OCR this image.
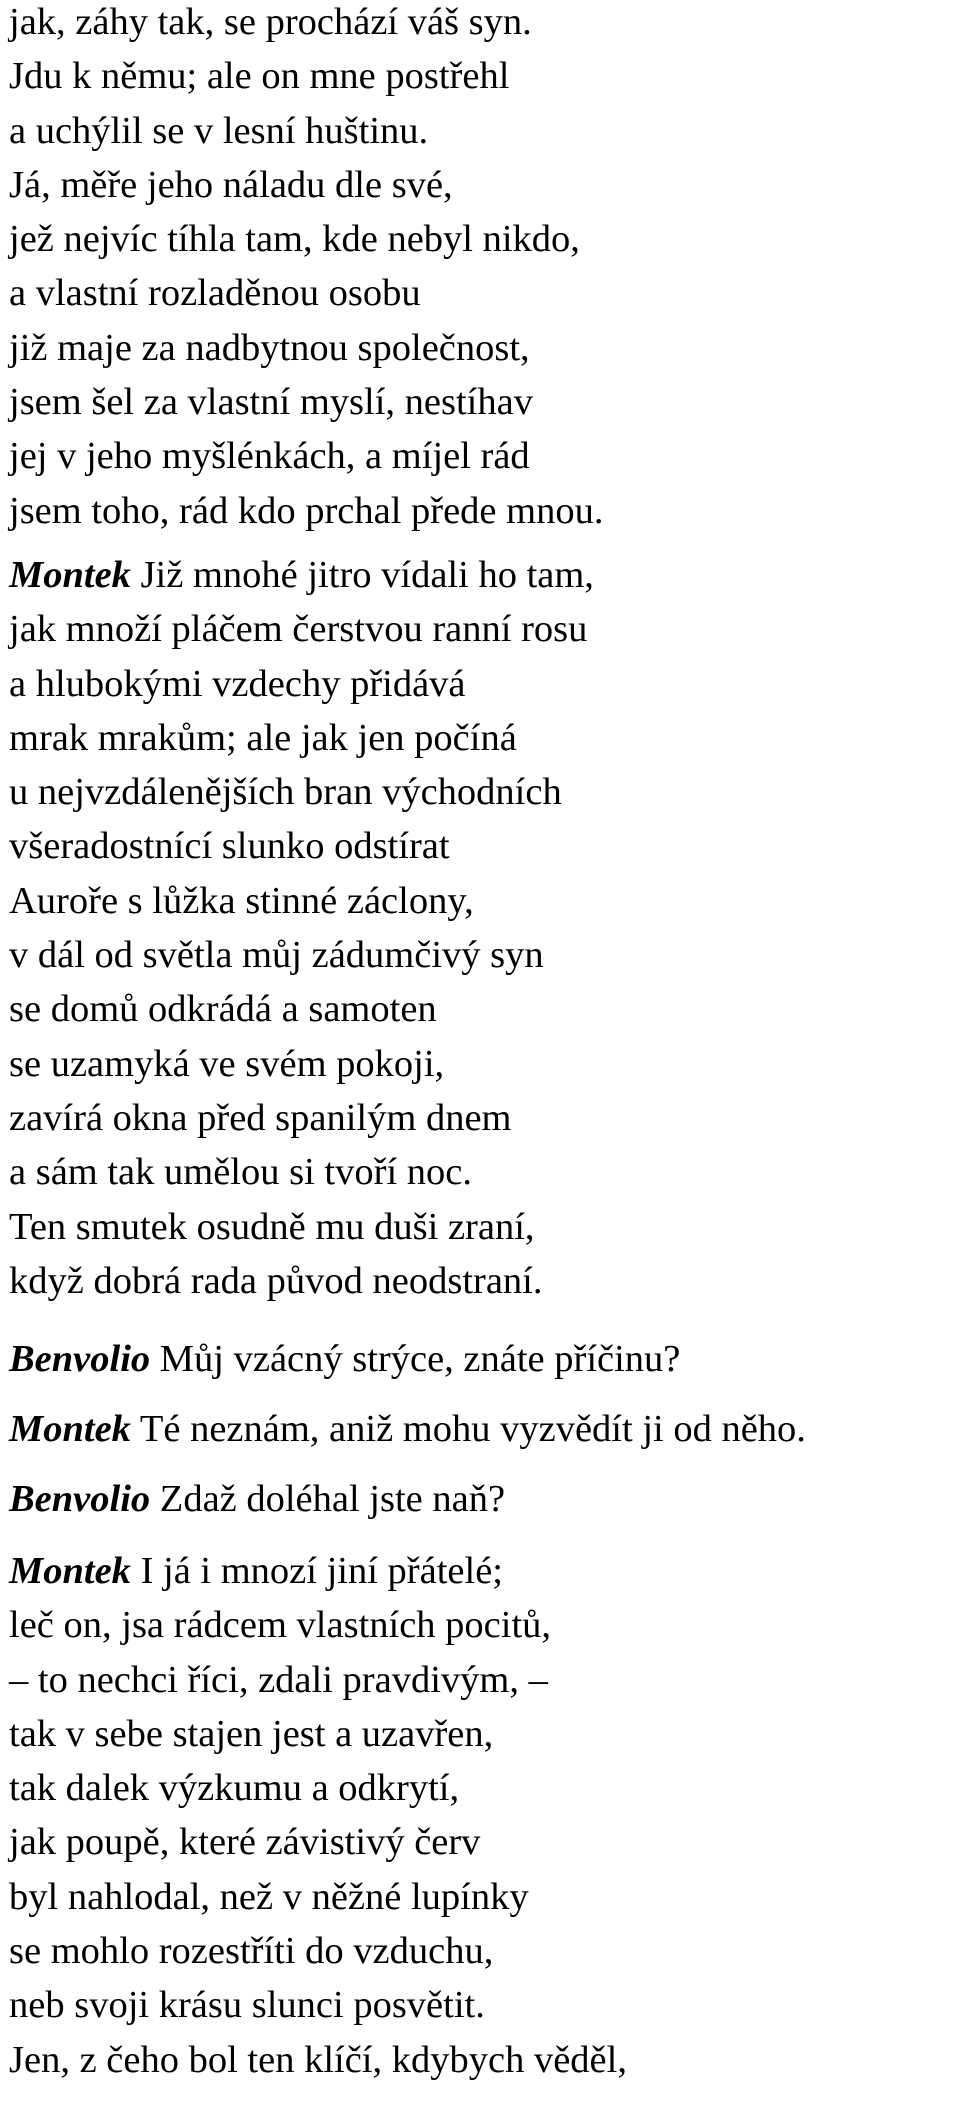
jak, záhy tak, se prochází váš syn.
Jdu k němu; ale on mne postřehl
a uchýlil se v lesní huštinu.
Já, měře jeho náladu dle své,
jež nejvíc tíhla tam, kde nebyl nikdo,
a vlastní rozladěnou osobu
již maje za nadbytnou společnost,
jsem šel za vlastní myslí, nestíhav
jej v jeho myšlénkách, a míjel rád
jsem toho, rád kdo prchal přede mnou.
Montek Již mnohé jitro vídali ho tam,
jak množí pláčem čerstvou ranní rosu
a hlubokými vzdechy přidává
mrak mrakům; ale jak jen počíná
u nejvzdálenějších bran východních
všeradostnící slunko odstírat
Auroře s lůžka stinné záclony,
v dál od světla můj zádumčivý syn
se domů odkrádá a samoten
se uzamyká ve svém pokoji,
zavírá okna před spanilým dnem
a sám tak umělou si tvoří noc.
Ten smutek osudně mu duši zraní,
když dobrá rada původ neodstraní.
Benvolio Můj vzácný strýce, znáte příčinu?
Montek Té neznám, aniž mohu vyzvědít ji od něho.
Benvolio Zdaž doléhal jste naň?
Montek I já i mnozí jiní přátelé;
leč on, jsa rádcem vlastních pocitů,
– to nechci říci, zdali pravdivým, –
tak v sebe stajen jest a uzavřen,
tak dalek výzkumu a odkrytí,
jak poupě, které závistivý červ
byl nahlodal, než v něžné lupínky
se mohlo rozestříti do vzduchu,
neb svoji krásu slunci posvětit.
Jen, z čeho bol ten klíčí, kdybych věděl,
